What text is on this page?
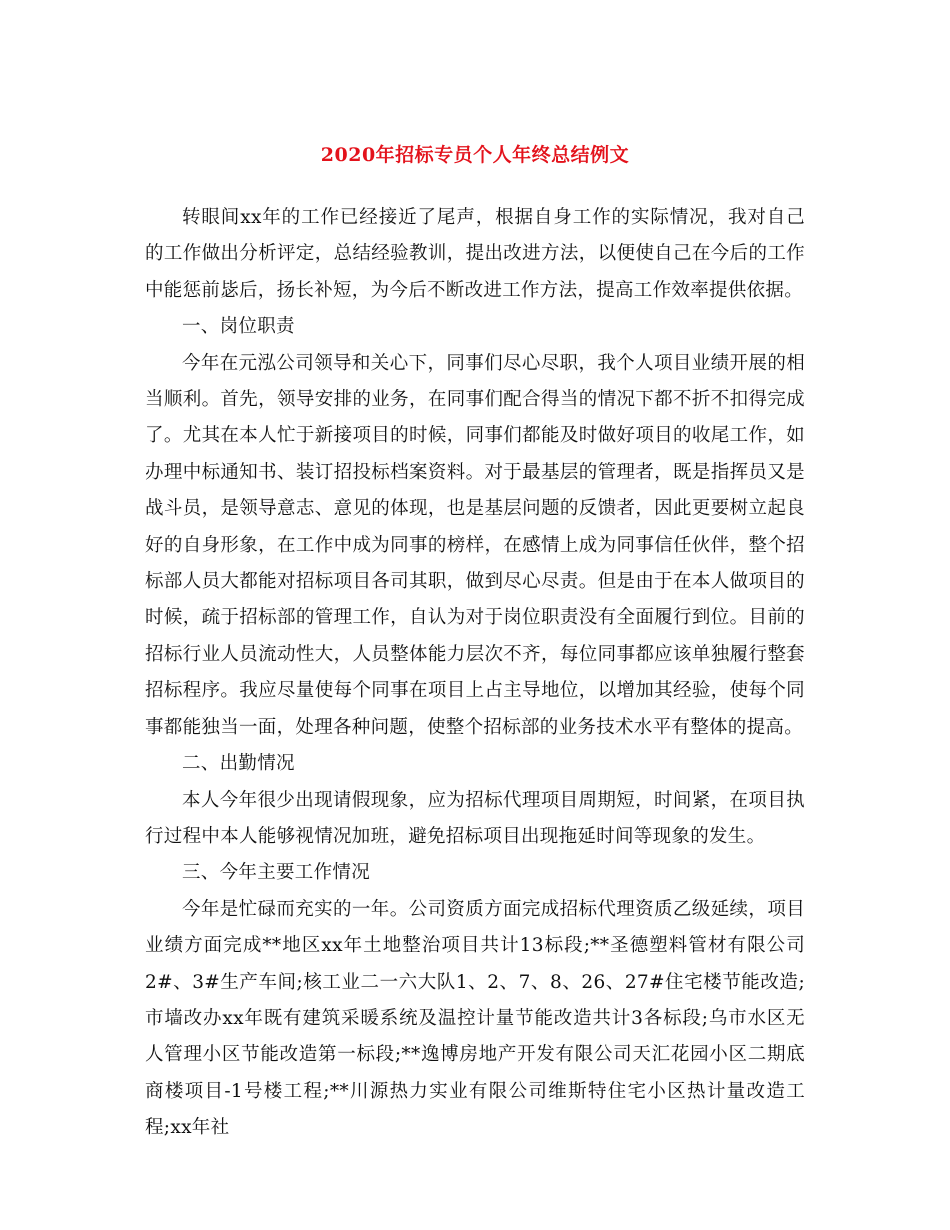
2020年招标专员个人年终总结例文

转眼间xx年的工作已经接近了尾声，根据自身工作的实际情况，我对自己的工作做出分析评定，总结经验教训，提出改进方法，以便使自己在今后的工作中能惩前毖后，扬长补短，为今后不断改进工作方法，提高工作效率提供依据。

一、岗位职责

今年在元泓公司领导和关心下，同事们尽心尽职，我个人项目业绩开展的相当顺利。首先，领导安排的业务，在同事们配合得当的情况下都不折不扣得完成了。尤其在本人忙于新接项目的时候，同事们都能及时做好项目的收尾工作，如办理中标通知书、装订招投标档案资料。对于最基层的管理者，既是指挥员又是战斗员，是领导意志、意见的体现，也是基层问题的反馈者，因此更要树立起良好的自身形象，在工作中成为同事的榜样，在感情上成为同事信任伙伴，整个招标部人员大都能对招标项目各司其职，做到尽心尽责。但是由于在本人做项目的时候，疏于招标部的管理工作，自认为对于岗位职责没有全面履行到位。目前的招标行业人员流动性大，人员整体能力层次不齐，每位同事都应该单独履行整套招标程序。我应尽量使每个同事在项目上占主导地位，以增加其经验，使每个同事都能独当一面，处理各种问题，使整个招标部的业务技术水平有整体的提高。

二、出勤情况

本人今年很少出现请假现象，应为招标代理项目周期短，时间紧，在项目执行过程中本人能够视情况加班，避免招标项目出现拖延时间等现象的发生。

三、今年主要工作情况

今年是忙碌而充实的一年。公司资质方面完成招标代理资质乙级延续，项目业绩方面完成**地区xx年土地整治项目共计13标段;**圣德塑料管材有限公司2#、3#生产车间;核工业二一六大队1、2、7、8、26、27#住宅楼节能改造;市墙改办xx年既有建筑采暖系统及温控计量节能改造共计3各标段;乌市水区无人管理小区节能改造第一标段;**逸博房地产开发有限公司天汇花园小区二期底商楼项目-1号楼工程;**川源热力实业有限公司维斯特住宅小区热计量改造工程;xx年社
